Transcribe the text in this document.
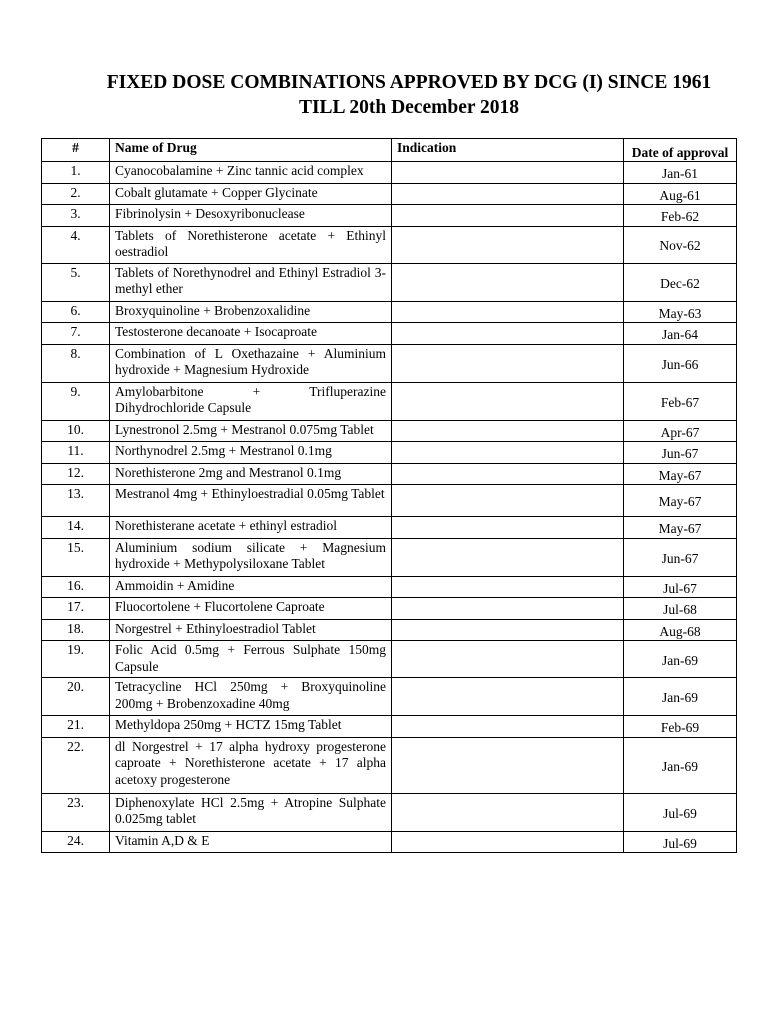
FIXED DOSE COMBINATIONS APPROVED BY DCG (I) SINCE 1961
TILL 20th December 2018
#	Name of Drug	Indication	Date of approval
1.	Cyanocobalamine + Zinc tannic acid complex		Jan-61
2.	Cobalt glutamate + Copper Glycinate		Aug-61
3.	Fibrinolysin + Desoxyribonuclease		Feb-62
4.	Tablets of Norethisterone acetate + Ethinyl oestradiol		Nov-62
5.	Tablets of Norethynodrel and Ethinyl Estradiol 3-methyl ether		Dec-62
6.	Broxyquinoline + Brobenzoxalidine		May-63
7.	Testosterone decanoate + Isocaproate		Jan-64
8.	Combination of L Oxethazaine + Aluminium hydroxide + Magnesium Hydroxide		Jun-66
9.	Amylobarbitone + Trifluperazine Dihydrochloride Capsule		Feb-67
10.	Lynestronol 2.5mg + Mestranol 0.075mg Tablet		Apr-67
11.	Northynodrel 2.5mg + Mestranol 0.1mg		Jun-67
12.	Norethisterone 2mg and Mestranol 0.1mg		May-67
13.	Mestranol 4mg + Ethinyloestradial 0.05mg Tablet		May-67
14.	Norethisterane acetate + ethinyl estradiol		May-67
15.	Aluminium sodium silicate + Magnesium hydroxide + Methypolysiloxane Tablet		Jun-67
16.	Ammoidin + Amidine		Jul-67
17.	Fluocortolene + Flucortolene Caproate		Jul-68
18.	Norgestrel + Ethinyloestradiol Tablet		Aug-68
19.	Folic Acid 0.5mg + Ferrous Sulphate 150mg Capsule		Jan-69
20.	Tetracycline HCl 250mg + Broxyquinoline 200mg + Brobenzoxadine 40mg		Jan-69
21.	Methyldopa 250mg + HCTZ 15mg Tablet		Feb-69
22.	dl Norgestrel + 17 alpha hydroxy progesterone caproate + Norethisterone acetate + 17 alpha acetoxy progesterone		Jan-69
23.	Diphenoxylate HCl 2.5mg + Atropine Sulphate 0.025mg tablet		Jul-69
24.	Vitamin A,D & E		Jul-69
